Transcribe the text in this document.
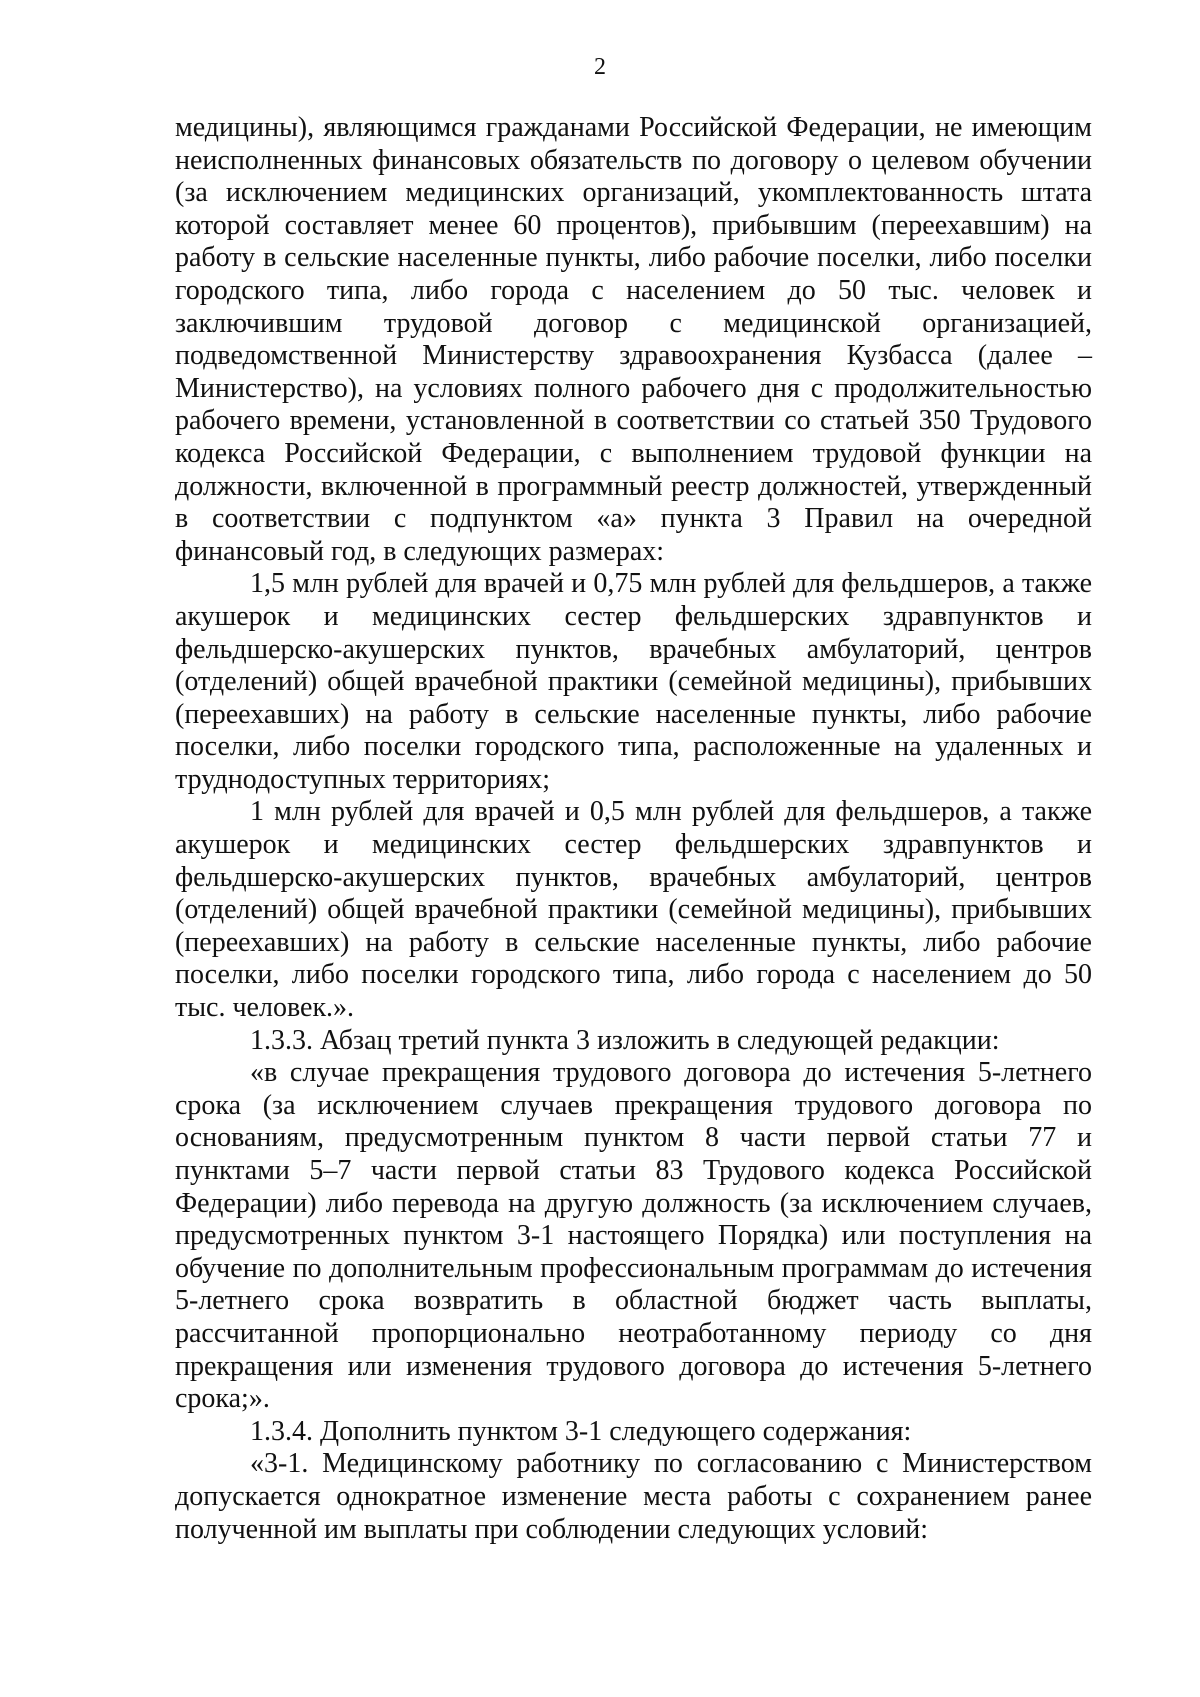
2

медицины), являющимся гражданами Российской Федерации, не имеющим неисполненных финансовых обязательств по договору о целевом обучении (за исключением медицинских организаций, укомплектованность штата которой составляет менее 60 процентов), прибывшим (переехавшим) на работу в сельские населенные пункты, либо рабочие поселки, либо поселки городского типа, либо города с населением до 50 тыс. человек и заключившим трудовой договор с медицинской организацией, подведомственной Министерству здравоохранения Кузбасса (далее – Министерство), на условиях полного рабочего дня с продолжительностью рабочего времени, установленной в соответствии со статьей 350 Трудового кодекса Российской Федерации, с выполнением трудовой функции на должности, включенной в программный реестр должностей, утвержденный в соответствии с подпунктом «а» пункта 3 Правил на очередной финансовый год, в следующих размерах:

1,5 млн рублей для врачей и 0,75 млн рублей для фельдшеров, а также акушерок и медицинских сестер фельдшерских здравпунктов и фельдшерско-акушерских пунктов, врачебных амбулаторий, центров (отделений) общей врачебной практики (семейной медицины), прибывших (переехавших) на работу в сельские населенные пункты, либо рабочие поселки, либо поселки городского типа, расположенные на удаленных и труднодоступных территориях;

1 млн рублей для врачей и 0,5 млн рублей для фельдшеров, а также акушерок и медицинских сестер фельдшерских здравпунктов и фельдшерско-акушерских пунктов, врачебных амбулаторий, центров (отделений) общей врачебной практики (семейной медицины), прибывших (переехавших) на работу в сельские населенные пункты, либо рабочие поселки, либо поселки городского типа, либо города с населением до 50 тыс. человек.».

1.3.3. Абзац третий пункта 3 изложить в следующей редакции:

«в случае прекращения трудового договора до истечения 5-летнего срока (за исключением случаев прекращения трудового договора по основаниям, предусмотренным пунктом 8 части первой статьи 77 и пунктами 5–7 части первой статьи 83 Трудового кодекса Российской Федерации) либо перевода на другую должность (за исключением случаев, предусмотренных пунктом 3-1 настоящего Порядка) или поступления на обучение по дополнительным профессиональным программам до истечения 5-летнего срока возвратить в областной бюджет часть выплаты, рассчитанной пропорционально неотработанному периоду со дня прекращения или изменения трудового договора до истечения 5-летнего срока;».

1.3.4. Дополнить пунктом 3-1 следующего содержания:

«3-1. Медицинскому работнику по согласованию с Министерством допускается однократное изменение места работы с сохранением ранее полученной им выплаты при соблюдении следующих условий:
